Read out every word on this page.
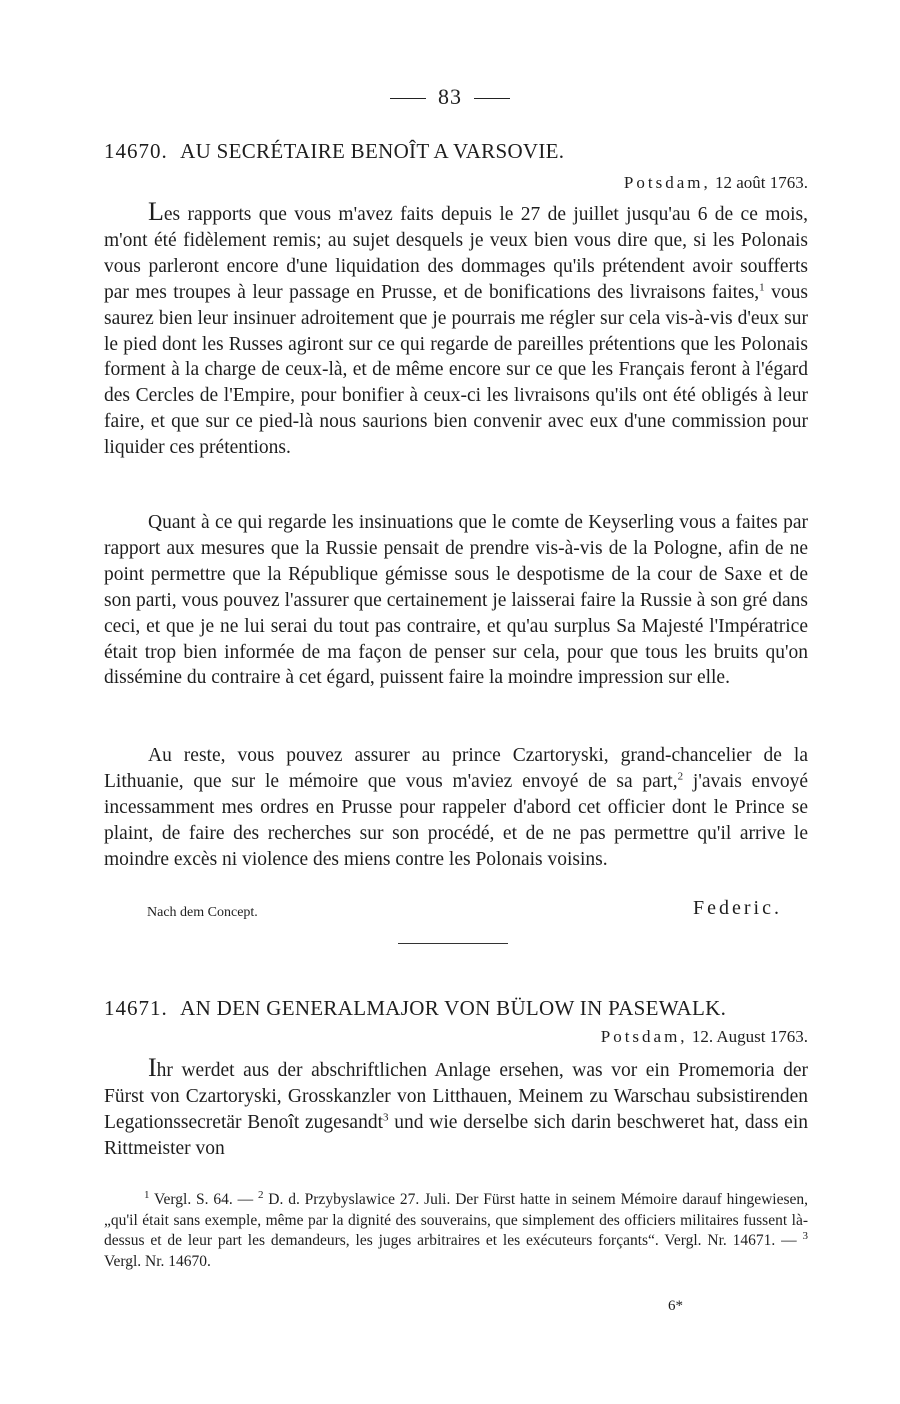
83
14670. AU SECRÉTAIRE BENOÎT A VARSOVIE.
Potsdam, 12 août 1763.

Les rapports que vous m'avez faits depuis le 27 de juillet jusqu'au 6 de ce mois, m'ont été fidèlement remis; au sujet desquels je veux bien vous dire que, si les Polonais vous parleront encore d'une liquidation des dommages qu'ils prétendent avoir soufferts par mes troupes à leur passage en Prusse, et de bonifications des livraisons faites,$^1$ vous saurez bien leur insinuer adroitement que je pourrais me régler sur cela vis-à-vis d'eux sur le pied dont les Russes agiront sur ce qui regarde de pareilles prétentions que les Polonais forment à la charge de ceux-là, et de même encore sur ce que les Français feront à l'égard des Cercles de l'Empire, pour bonifier à ceux-ci les livraisons qu'ils ont été obligés à leur faire, et que sur ce pied-là nous saurions bien convenir avec eux d'une commission pour liquider ces prétentions.

Quant à ce qui regarde les insinuations que le comte de Keyserling vous a faites par rapport aux mesures que la Russie pensait de prendre vis-à-vis de la Pologne, afin de ne point permettre que la République gémisse sous le despotisme de la cour de Saxe et de son parti, vous pouvez l'assurer que certainement je laisserai faire la Russie à son gré dans ceci, et que je ne lui serai du tout pas contraire, et qu'au surplus Sa Majesté l'Impératrice était trop bien informée de ma façon de penser sur cela, pour que tous les bruits qu'on dissémine du contraire à cet égard, puissent faire la moindre impression sur elle.

Au reste, vous pouvez assurer au prince Czartoryski, grand-chancelier de la Lithuanie, que sur le mémoire que vous m'aviez envoyé de sa part,$^2$ j'avais envoyé incessamment mes ordres en Prusse pour rappeler d'abord cet officier dont le Prince se plaint, de faire des recherches sur son procédé, et de ne pas permettre qu'il arrive le moindre excès ni violence des miens contre les Polonais voisins.

Nach dem Concept.	Federic.
14671. AN DEN GENERALMAJOR VON BÜLOW IN PASEWALK.
Potsdam, 12. August 1763.

Ihr werdet aus der abschriftlichen Anlage ersehen, was vor ein Promemoria der Fürst von Czartoryski, Grosskanzler von Litthauen, Meinem zu Warschau subsistirenden Legationssecretär Benoît zugesandt$^3$ und wie derselbe sich darin beschweret hat, dass ein Rittmeister von

$^1$ Vergl. S. 64. — $^2$ D. d. Przybyslawice 27. Juli. Der Fürst hatte in seinem Mémoire darauf hingewiesen, „qu'il était sans exemple, même par la dignité des souverains, que simplement des officiers militaires fussent là-dessus et de leur part les demandeurs, les juges arbitraires et les exécuteurs forçants“. Vergl. Nr. 14671. — $^3$ Vergl. Nr. 14670.

6*
